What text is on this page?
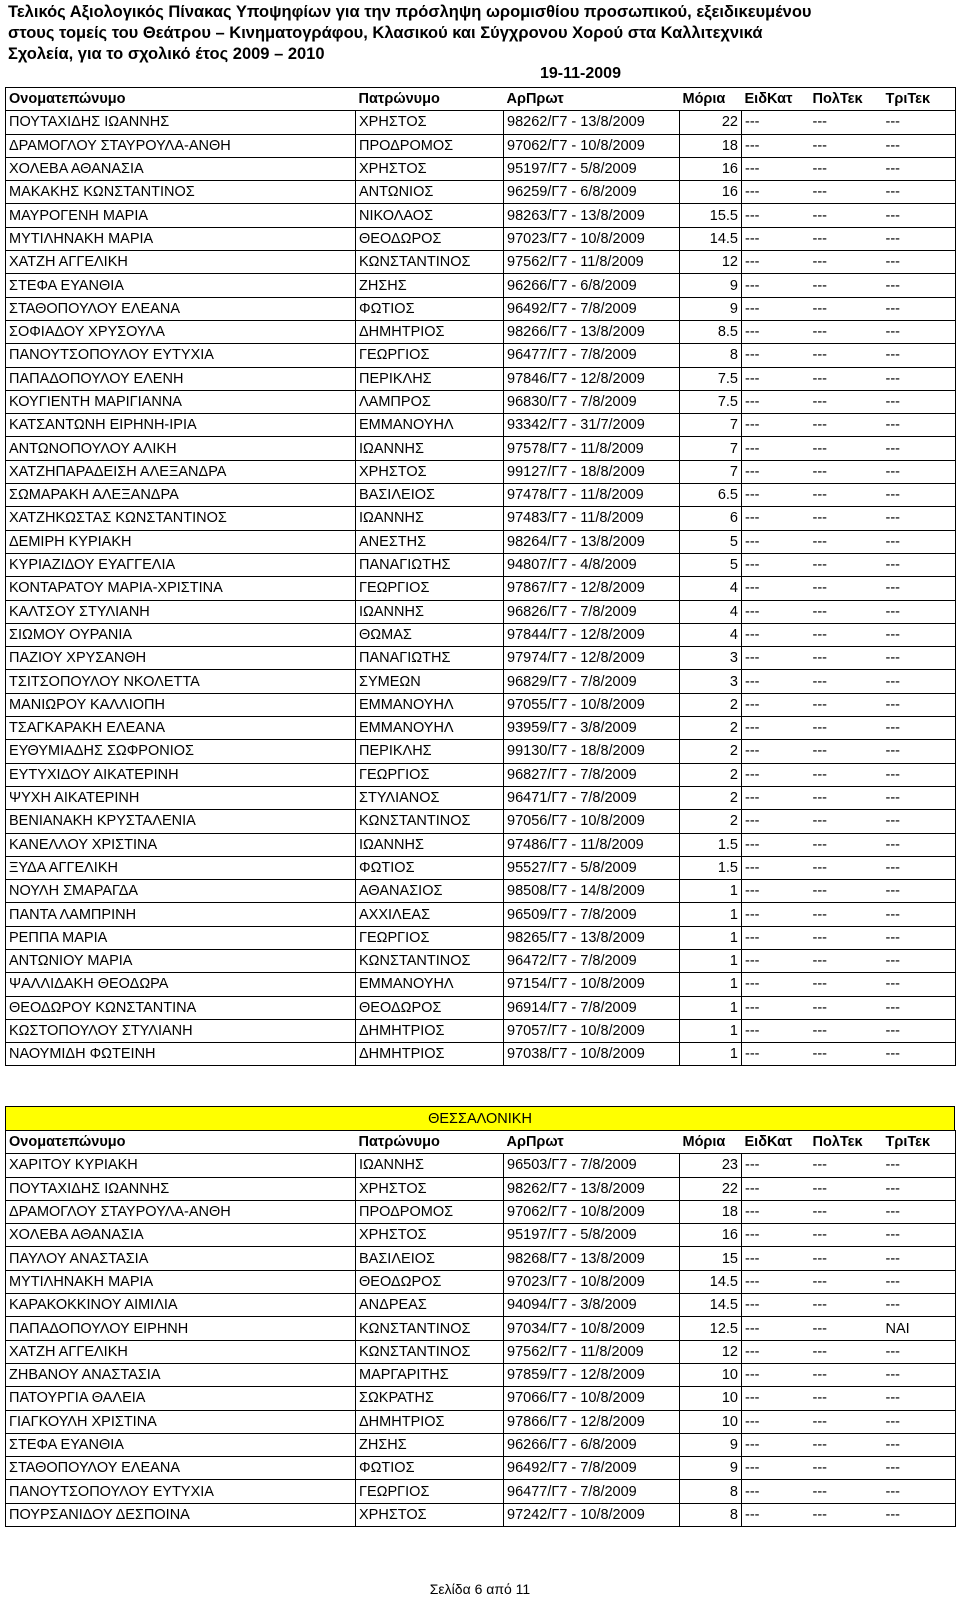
Τελικός Αξιολογικός Πίνακας Υποψηφίων για την πρόσληψη ωρομισθίου προσωπικού, εξειδικευμένου
στους τομείς του Θεάτρου – Κινηματογράφου, Κλασικού και Σύγχρονου Χορού στα Καλλιτεχνικά
Σχολεία, για το σχολικό έτος 2009 – 2010
19-11-2009
Ονοματεπώνυμο	Πατρώνυμο	ΑρΠρωτ	Μόρια	ΕιδΚατ	ΠολΤεκ	ΤριΤεκ
ΠΟΥΤΑΧΙΔΗΣ ΙΩΑΝΝΗΣ	ΧΡΗΣΤΟΣ	98262/Γ7 - 13/8/2009	22	---	---	---
ΔΡΑΜΟΓΛΟΥ ΣΤΑΥΡΟΥΛΑ-ΑΝΘΗ	ΠΡΟΔΡΟΜΟΣ	97062/Γ7 - 10/8/2009	18	---	---	---
ΧΟΛΕΒΑ ΑΘΑΝΑΣΙΑ	ΧΡΗΣΤΟΣ	95197/Γ7 - 5/8/2009	16	---	---	---
ΜΑΚΑΚΗΣ ΚΩΝΣΤΑΝΤΙΝΟΣ	ΑΝΤΩΝΙΟΣ	96259/Γ7 - 6/8/2009	16	---	---	---
ΜΑΥΡΟΓΕΝΗ ΜΑΡΙΑ	ΝΙΚΟΛΑΟΣ	98263/Γ7 - 13/8/2009	15.5	---	---	---
ΜΥΤΙΛΗΝΑΚΗ ΜΑΡΙΑ	ΘΕΟΔΩΡΟΣ	97023/Γ7 - 10/8/2009	14.5	---	---	---
ΧΑΤΖΗ ΑΓΓΕΛΙΚΗ	ΚΩΝΣΤΑΝΤΙΝΟΣ	97562/Γ7 - 11/8/2009	12	---	---	---
ΣΤΕΦΑ ΕΥΑΝΘΙΑ	ΖΗΣΗΣ	96266/Γ7 - 6/8/2009	9	---	---	---
ΣΤΑΘΟΠΟΥΛΟΥ ΕΛΕΑΝΑ	ΦΩΤΙΟΣ	96492/Γ7 - 7/8/2009	9	---	---	---
ΣΟΦΙΑΔΟΥ ΧΡΥΣΟΥΛΑ	ΔΗΜΗΤΡΙΟΣ	98266/Γ7 - 13/8/2009	8.5	---	---	---
ΠΑΝΟΥΤΣΟΠΟΥΛΟΥ ΕΥΤΥΧΙΑ	ΓΕΩΡΓΙΟΣ	96477/Γ7 - 7/8/2009	8	---	---	---
ΠΑΠΑΔΟΠΟΥΛΟΥ ΕΛΕΝΗ	ΠΕΡΙΚΛΗΣ	97846/Γ7 - 12/8/2009	7.5	---	---	---
ΚΟΥΓΙΕΝΤΗ ΜΑΡΙΓΙΑΝΝΑ	ΛΑΜΠΡΟΣ	96830/Γ7 - 7/8/2009	7.5	---	---	---
ΚΑΤΣΑΝΤΩΝΗ ΕΙΡΗΝΗ-ΙΡΙΑ	ΕΜΜΑΝΟΥΗΛ	93342/Γ7 - 31/7/2009	7	---	---	---
ΑΝΤΩΝΟΠΟΥΛΟΥ ΑΛΙΚΗ	ΙΩΑΝΝΗΣ	97578/Γ7 - 11/8/2009	7	---	---	---
ΧΑΤΖΗΠΑΡΑΔΕΙΣΗ ΑΛΕΞΑΝΔΡΑ	ΧΡΗΣΤΟΣ	99127/Γ7 - 18/8/2009	7	---	---	---
ΣΩΜΑΡΑΚΗ ΑΛΕΞΑΝΔΡΑ	ΒΑΣΙΛΕΙΟΣ	97478/Γ7 - 11/8/2009	6.5	---	---	---
ΧΑΤΖΗΚΩΣΤΑΣ ΚΩΝΣΤΑΝΤΙΝΟΣ	ΙΩΑΝΝΗΣ	97483/Γ7 - 11/8/2009	6	---	---	---
ΔΕΜΙΡΗ ΚΥΡΙΑΚΗ	ΑΝΕΣΤΗΣ	98264/Γ7 - 13/8/2009	5	---	---	---
ΚΥΡΙΑΖΙΔΟΥ ΕΥΑΓΓΕΛΙΑ	ΠΑΝΑΓΙΩΤΗΣ	94807/Γ7 - 4/8/2009	5	---	---	---
ΚΟΝΤΑΡΑΤΟΥ ΜΑΡΙΑ-ΧΡΙΣΤΙΝΑ	ΓΕΩΡΓΙΟΣ	97867/Γ7 - 12/8/2009	4	---	---	---
ΚΑΛΤΣΟΥ ΣΤΥΛΙΑΝΗ	ΙΩΑΝΝΗΣ	96826/Γ7 - 7/8/2009	4	---	---	---
ΣΙΩΜΟΥ ΟΥΡΑΝΙΑ	ΘΩΜΑΣ	97844/Γ7 - 12/8/2009	4	---	---	---
ΠΑΖΙΟΥ ΧΡΥΣΑΝΘΗ	ΠΑΝΑΓΙΩΤΗΣ	97974/Γ7 - 12/8/2009	3	---	---	---
ΤΣΙΤΣΟΠΟΥΛΟΥ ΝΚΟΛΕΤΤΑ	ΣΥΜΕΩΝ	96829/Γ7 - 7/8/2009	3	---	---	---
ΜΑΝΙΩΡΟΥ ΚΑΛΛΙΟΠΗ	ΕΜΜΑΝΟΥΗΛ	97055/Γ7 - 10/8/2009	2	---	---	---
ΤΣΑΓΚΑΡΑΚΗ ΕΛΕΑΝΑ	ΕΜΜΑΝΟΥΗΛ	93959/Γ7 - 3/8/2009	2	---	---	---
ΕΥΘΥΜΙΑΔΗΣ ΣΩΦΡΟΝΙΟΣ	ΠΕΡΙΚΛΗΣ	99130/Γ7 - 18/8/2009	2	---	---	---
ΕΥΤΥΧΙΔΟΥ ΑΙΚΑΤΕΡΙΝΗ	ΓΕΩΡΓΙΟΣ	96827/Γ7 - 7/8/2009	2	---	---	---
ΨΥΧΗ ΑΙΚΑΤΕΡΙΝΗ	ΣΤΥΛΙΑΝΟΣ	96471/Γ7 - 7/8/2009	2	---	---	---
ΒΕΝΙΑΝΑΚΗ ΚΡΥΣΤΑΛΕΝΙΑ	ΚΩΝΣΤΑΝΤΙΝΟΣ	97056/Γ7 - 10/8/2009	2	---	---	---
ΚΑΝΕΛΛΟΥ ΧΡΙΣΤΙΝΑ	ΙΩΑΝΝΗΣ	97486/Γ7 - 11/8/2009	1.5	---	---	---
ΞΥΔΑ ΑΓΓΕΛΙΚΗ	ΦΩΤΙΟΣ	95527/Γ7 - 5/8/2009	1.5	---	---	---
ΝΟΥΛΗ ΣΜΑΡΑΓΔΑ	ΑΘΑΝΑΣΙΟΣ	98508/Γ7 - 14/8/2009	1	---	---	---
ΠΑΝΤΑ ΛΑΜΠΡΙΝΗ	ΑΧΧΙΛΕΑΣ	96509/Γ7 - 7/8/2009	1	---	---	---
ΡΕΠΠΑ ΜΑΡΙΑ	ΓΕΩΡΓΙΟΣ	98265/Γ7 - 13/8/2009	1	---	---	---
ΑΝΤΩΝΙΟΥ ΜΑΡΙΑ	ΚΩΝΣΤΑΝΤΙΝΟΣ	96472/Γ7 - 7/8/2009	1	---	---	---
ΨΑΛΛΙΔΑΚΗ ΘΕΟΔΩΡΑ	ΕΜΜΑΝΟΥΗΛ	97154/Γ7 - 10/8/2009	1	---	---	---
ΘΕΟΔΩΡΟΥ ΚΩΝΣΤΑΝΤΙΝΑ	ΘΕΟΔΩΡΟΣ	96914/Γ7 - 7/8/2009	1	---	---	---
ΚΩΣΤΟΠΟΥΛΟΥ ΣΤΥΛΙΑΝΗ	ΔΗΜΗΤΡΙΟΣ	97057/Γ7 - 10/8/2009	1	---	---	---
ΝΑΟΥΜΙΔΗ ΦΩΤΕΙΝΗ	ΔΗΜΗΤΡΙΟΣ	97038/Γ7 - 10/8/2009	1	---	---	---
ΘΕΣΣΑΛΟΝΙΚΗ
Ονοματεπώνυμο	Πατρώνυμο	ΑρΠρωτ	Μόρια	ΕιδΚατ	ΠολΤεκ	ΤριΤεκ
ΧΑΡΙΤΟΥ ΚΥΡΙΑΚΗ	ΙΩΑΝΝΗΣ	96503/Γ7 - 7/8/2009	23	---	---	---
ΠΟΥΤΑΧΙΔΗΣ ΙΩΑΝΝΗΣ	ΧΡΗΣΤΟΣ	98262/Γ7 - 13/8/2009	22	---	---	---
ΔΡΑΜΟΓΛΟΥ ΣΤΑΥΡΟΥΛΑ-ΑΝΘΗ	ΠΡΟΔΡΟΜΟΣ	97062/Γ7 - 10/8/2009	18	---	---	---
ΧΟΛΕΒΑ ΑΘΑΝΑΣΙΑ	ΧΡΗΣΤΟΣ	95197/Γ7 - 5/8/2009	16	---	---	---
ΠΑΥΛΟΥ ΑΝΑΣΤΑΣΙΑ	ΒΑΣΙΛΕΙΟΣ	98268/Γ7 - 13/8/2009	15	---	---	---
ΜΥΤΙΛΗΝΑΚΗ ΜΑΡΙΑ	ΘΕΟΔΩΡΟΣ	97023/Γ7 - 10/8/2009	14.5	---	---	---
ΚΑΡΑΚΟΚΚΙΝΟΥ ΑΙΜΙΛΙΑ	ΑΝΔΡΕΑΣ	94094/Γ7 - 3/8/2009	14.5	---	---	---
ΠΑΠΑΔΟΠΟΥΛΟΥ ΕΙΡΗΝΗ	ΚΩΝΣΤΑΝΤΙΝΟΣ	97034/Γ7 - 10/8/2009	12.5	---	---	ΝΑΙ
ΧΑΤΖΗ ΑΓΓΕΛΙΚΗ	ΚΩΝΣΤΑΝΤΙΝΟΣ	97562/Γ7 - 11/8/2009	12	---	---	---
ΖΗΒΑΝΟΥ ΑΝΑΣΤΑΣΙΑ	ΜΑΡΓΑΡΙΤΗΣ	97859/Γ7 - 12/8/2009	10	---	---	---
ΠΑΤΟΥΡΓΙΑ ΘΑΛΕΙΑ	ΣΩΚΡΑΤΗΣ	97066/Γ7 - 10/8/2009	10	---	---	---
ΓΙΑΓΚΟΥΛΗ ΧΡΙΣΤΙΝΑ	ΔΗΜΗΤΡΙΟΣ	97866/Γ7 - 12/8/2009	10	---	---	---
ΣΤΕΦΑ ΕΥΑΝΘΙΑ	ΖΗΣΗΣ	96266/Γ7 - 6/8/2009	9	---	---	---
ΣΤΑΘΟΠΟΥΛΟΥ ΕΛΕΑΝΑ	ΦΩΤΙΟΣ	96492/Γ7 - 7/8/2009	9	---	---	---
ΠΑΝΟΥΤΣΟΠΟΥΛΟΥ ΕΥΤΥΧΙΑ	ΓΕΩΡΓΙΟΣ	96477/Γ7 - 7/8/2009	8	---	---	---
ΠΟΥΡΣΑΝΙΔΟΥ ΔΕΣΠΟΙΝΑ	ΧΡΗΣΤΟΣ	97242/Γ7 - 10/8/2009	8	---	---	---
Σελίδα 6 από 11
